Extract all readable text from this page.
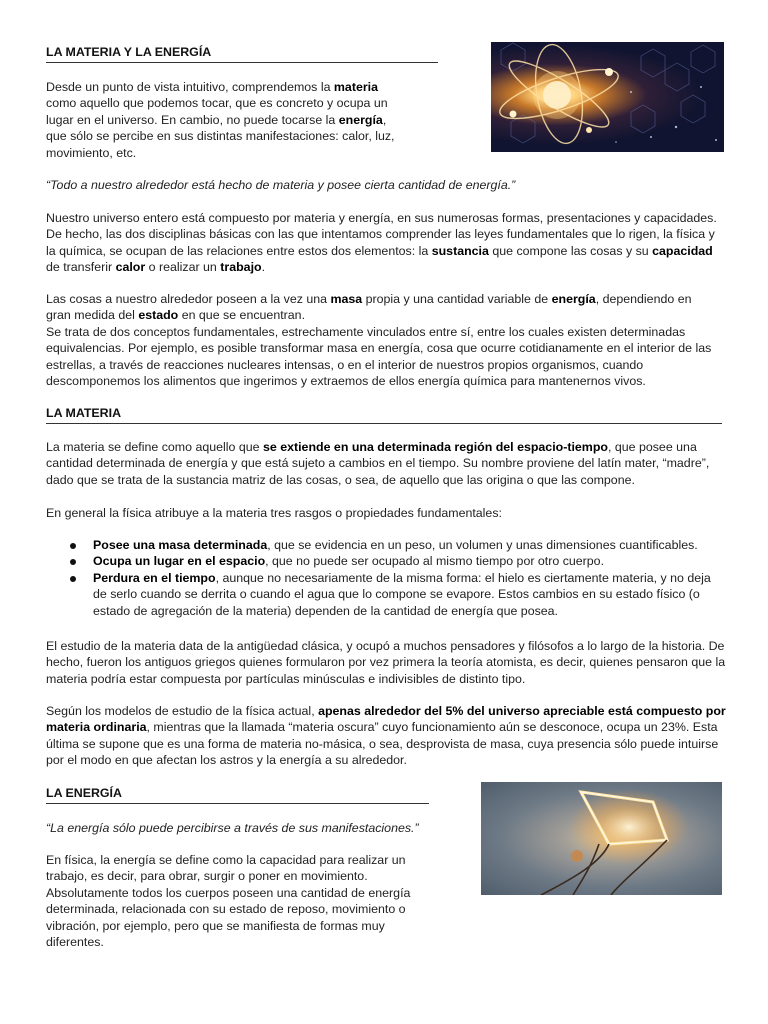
LA MATERIA Y LA ENERGÍA

Desde un punto de vista intuitivo, comprendemos la materia como aquello que podemos tocar, que es concreto y ocupa un lugar en el universo. En cambio, no puede tocarse la energía, que sólo se percibe en sus distintas manifestaciones: calor, luz, movimiento, etc.

“Todo a nuestro alrededor está hecho de materia y posee cierta cantidad de energía.”

Nuestro universo entero está compuesto por materia y energía, en sus numerosas formas, presentaciones y capacidades. De hecho, las dos disciplinas básicas con las que intentamos comprender las leyes fundamentales que lo rigen, la física y la química, se ocupan de las relaciones entre estos dos elementos: la sustancia que compone las cosas y su capacidad de transferir calor o realizar un trabajo.

Las cosas a nuestro alrededor poseen a la vez una masa propia y una cantidad variable de energía, dependiendo en gran medida del estado en que se encuentran.

Se trata de dos conceptos fundamentales, estrechamente vinculados entre sí, entre los cuales existen determinadas equivalencias. Por ejemplo, es posible transformar masa en energía, cosa que ocurre cotidianamente en el interior de las estrellas, a través de reacciones nucleares intensas, o en el interior de nuestros propios organismos, cuando descomponemos los alimentos que ingerimos y extraemos de ellos energía química para mantenernos vivos.

LA MATERIA

La materia se define como aquello que se extiende en una determinada región del espacio-tiempo, que posee una cantidad determinada de energía y que está sujeto a cambios en el tiempo. Su nombre proviene del latín mater, “madre”, dado que se trata de la sustancia matriz de las cosas, o sea, de aquello que las origina o que las compone.

En general la física atribuye a la materia tres rasgos o propiedades fundamentales:

Posee una masa determinada, que se evidencia en un peso, un volumen y unas dimensiones cuantificables.
Ocupa un lugar en el espacio, que no puede ser ocupado al mismo tiempo por otro cuerpo.
Perdura en el tiempo, aunque no necesariamente de la misma forma: el hielo es ciertamente materia, y no deja de serlo cuando se derrita o cuando el agua que lo compone se evapore. Estos cambios en su estado físico (o estado de agregación de la materia) dependen de la cantidad de energía que posea.

El estudio de la materia data de la antigüedad clásica, y ocupó a muchos pensadores y filósofos a lo largo de la historia. De hecho, fueron los antiguos griegos quienes formularon por vez primera la teoría atomista, es decir, quienes pensaron que la materia podría estar compuesta por partículas minúsculas e indivisibles de distinto tipo.

Según los modelos de estudio de la física actual, apenas alrededor del 5% del universo apreciable está compuesto por materia ordinaria, mientras que la llamada “materia oscura” cuyo funcionamiento aún se desconoce, ocupa un 23%. Esta última se supone que es una forma de materia no-másica, o sea, desprovista de masa, cuya presencia sólo puede intuirse por el modo en que afectan los astros y la energía a su alrededor.

LA ENERGÍA

“La energía sólo puede percibirse a través de sus manifestaciones.”

En física, la energía se define como la capacidad para realizar un trabajo, es decir, para obrar, surgir o poner en movimiento. Absolutamente todos los cuerpos poseen una cantidad de energía determinada, relacionada con su estado de reposo, movimiento o vibración, por ejemplo, pero que se manifiesta de formas muy diferentes.
